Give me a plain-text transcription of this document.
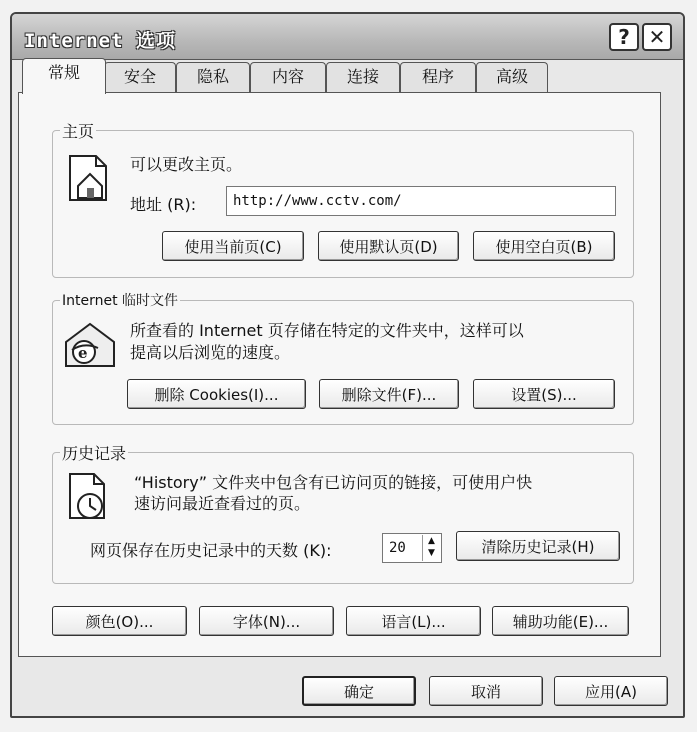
Internet 选项	? ✕
常规	安全	隐私	内容	连接	程序	高级
主页
可以更改主页。
地址 (R):	http://www.cctv.com/
使用当前页(C)	使用默认页(D)	使用空白页(B)
Internet 临时文件
e
所查看的 Internet 页存储在特定的文件夹中，这样可以
提高以后浏览的速度。
删除 Cookies(I)...	删除文件(F)...	设置(S)...
历史记录
“History” 文件夹中包含有已访问页的链接，可使用户快
速访问最近查看过的页。
网页保存在历史记录中的天数 (K):	20	▲
▼	清除历史记录(H)
颜色(O)...	字体(N)...	语言(L)...	辅助功能(E)...
确定	取消	应用(A)
